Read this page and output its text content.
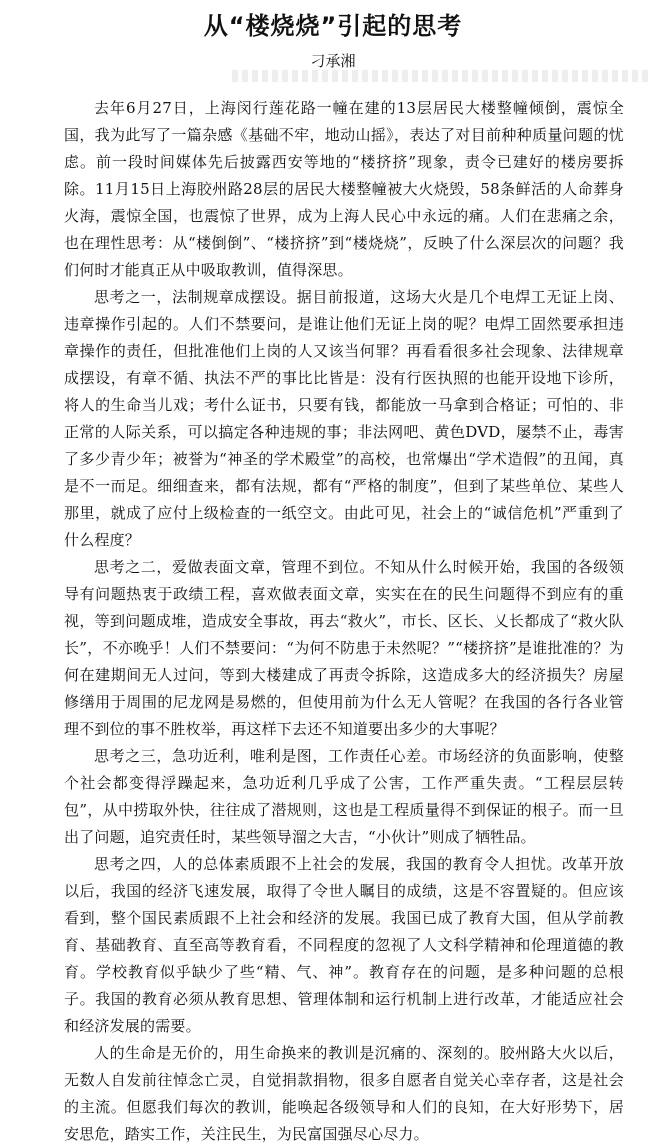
从“楼烧烧”引起的思考
刁承湘

去年6月27日，上海闵行莲花路一幢在建的13层居民大楼整幢倾倒，震惊全国，我为此写了一篇杂感《基础不牢，地动山摇》，表达了对目前种种质量问题的忧虑。前一段时间媒体先后披露西安等地的“楼挤挤”现象，责令已建好的楼房要拆除。11月15日上海胶州路28层的居民大楼整幢被大火烧毁，58条鲜活的人命葬身火海，震惊全国，也震惊了世界，成为上海人民心中永远的痛。人们在悲痛之余，也在理性思考：从“楼倒倒”、“楼挤挤”到“楼烧烧”，反映了什么深层次的问题？我们何时才能真正从中吸取教训，值得深思。

思考之一，法制规章成摆设。据目前报道，这场大火是几个电焊工无证上岗、违章操作引起的。人们不禁要问，是谁让他们无证上岗的呢？电焊工固然要承担违章操作的责任，但批准他们上岗的人又该当何罪？再看看很多社会现象、法律规章成摆设，有章不循、执法不严的事比比皆是：没有行医执照的也能开设地下诊所，将人的生命当儿戏；考什么证书，只要有钱，都能放一马拿到合格证；可怕的、非正常的人际关系，可以搞定各种违规的事；非法网吧、黄色DVD，屡禁不止，毒害了多少青少年；被誉为“神圣的学术殿堂”的高校，也常爆出“学术造假”的丑闻，真是不一而足。细细查来，都有法规，都有“严格的制度”，但到了某些单位、某些人那里，就成了应付上级检查的一纸空文。由此可见，社会上的“诚信危机”严重到了什么程度？

思考之二，爱做表面文章，管理不到位。不知从什么时候开始，我国的各级领导有问题热衷于政绩工程，喜欢做表面文章，实实在在的民生问题得不到应有的重视，等到问题成堆，造成安全事故，再去“救火”，市长、区长、乂长都成了“救火队长”，不亦晚乎！人们不禁要问：“为何不防患于未然呢？”“楼挤挤”是谁批准的？为何在建期间无人过问，等到大楼建成了再责令拆除，这造成多大的经济损失？房屋修缮用于周围的尼龙网是易燃的，但使用前为什么无人管呢？在我国的各行各业管理不到位的事不胜枚举，再这样下去还不知道要出多少的大事呢？

思考之三，急功近利，唯利是图，工作责任心差。市场经济的负面影响，使整个社会都变得浮躁起来，急功近利几乎成了公害，工作严重失责。“工程层层转包”，从中捞取外快，往往成了潜规则，这也是工程质量得不到保证的根子。而一旦出了问题，追究责任时，某些领导溜之大吉，“小伙计”则成了牺牲品。

思考之四，人的总体素质跟不上社会的发展，我国的教育令人担忧。改革开放以后，我国的经济飞速发展，取得了令世人瞩目的成绩，这是不容置疑的。但应该看到，整个国民素质跟不上社会和经济的发展。我国已成了教育大国，但从学前教育、基础教育、直至高等教育看，不同程度的忽视了人文科学精神和伦理道德的教育。学校教育似乎缺少了些“精、气、神”。教育存在的问题，是多种问题的总根子。我国的教育必须从教育思想、管理体制和运行机制上进行改革，才能适应社会和经济发展的需要。

人的生命是无价的，用生命换来的教训是沉痛的、深刻的。胶州路大火以后，无数人自发前往悼念亡灵，自觉捐款捐物，很多自愿者自觉关心幸存者，这是社会的主流。但愿我们每次的教训，能唤起各级领导和人们的良知，在大好形势下，居安思危，踏实工作，关注民生，为民富国强尽心尽力。
